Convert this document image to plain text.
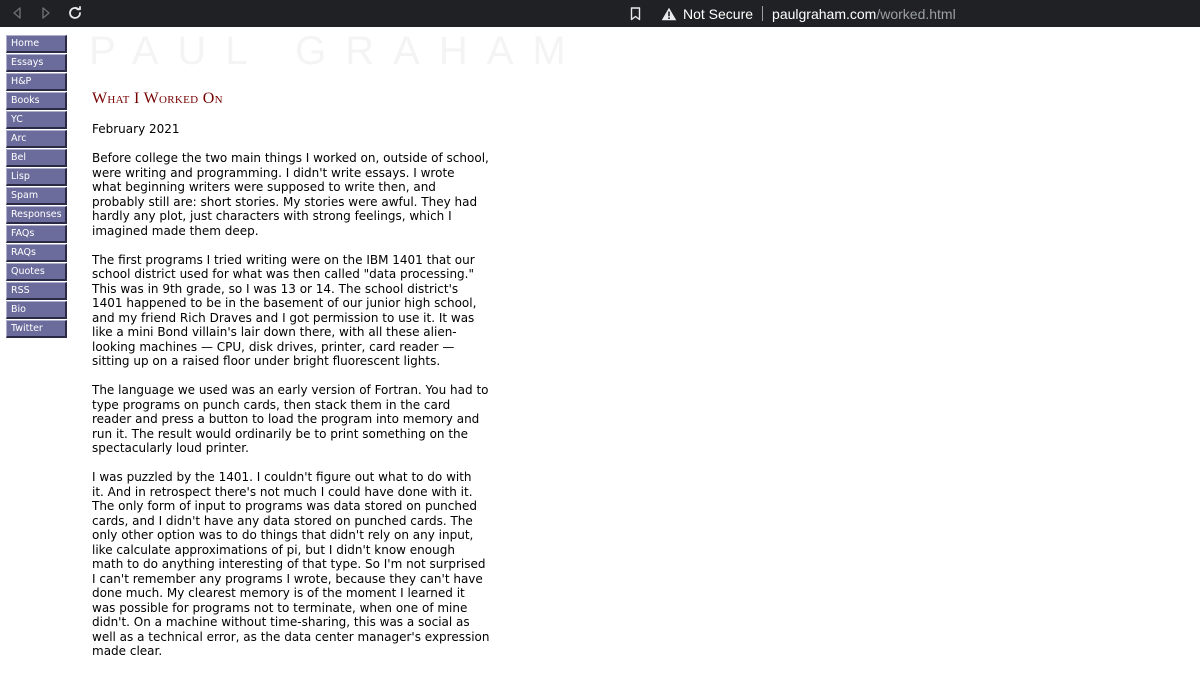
Not Secure paulgraham.com /worked.html
Home
Essays
H&P
Books
YC
Arc
Bel
Lisp
Spam
Responses
FAQs
RAQs
Quotes
RSS
Bio
Twitter
PAUL GRAHAM
What I Worked On

February 2021

Before college the two main things I worked on, outside of school,
were writing and programming. I didn't write essays. I wrote
what beginning writers were supposed to write then, and
probably still are: short stories. My stories were awful. They had
hardly any plot, just characters with strong feelings, which I
imagined made them deep.

The first programs I tried writing were on the IBM 1401 that our
school district used for what was then called "data processing."
This was in 9th grade, so I was 13 or 14. The school district's
1401 happened to be in the basement of our junior high school,
and my friend Rich Draves and I got permission to use it. It was
like a mini Bond villain's lair down there, with all these alien-
looking machines — CPU, disk drives, printer, card reader —
sitting up on a raised floor under bright fluorescent lights.

The language we used was an early version of Fortran. You had to
type programs on punch cards, then stack them in the card
reader and press a button to load the program into memory and
run it. The result would ordinarily be to print something on the
spectacularly loud printer.

I was puzzled by the 1401. I couldn't figure out what to do with
it. And in retrospect there's not much I could have done with it.
The only form of input to programs was data stored on punched
cards, and I didn't have any data stored on punched cards. The
only other option was to do things that didn't rely on any input,
like calculate approximations of pi, but I didn't know enough
math to do anything interesting of that type. So I'm not surprised
I can't remember any programs I wrote, because they can't have
done much. My clearest memory is of the moment I learned it
was possible for programs not to terminate, when one of mine
didn't. On a machine without time-sharing, this was a social as
well as a technical error, as the data center manager's expression
made clear.
